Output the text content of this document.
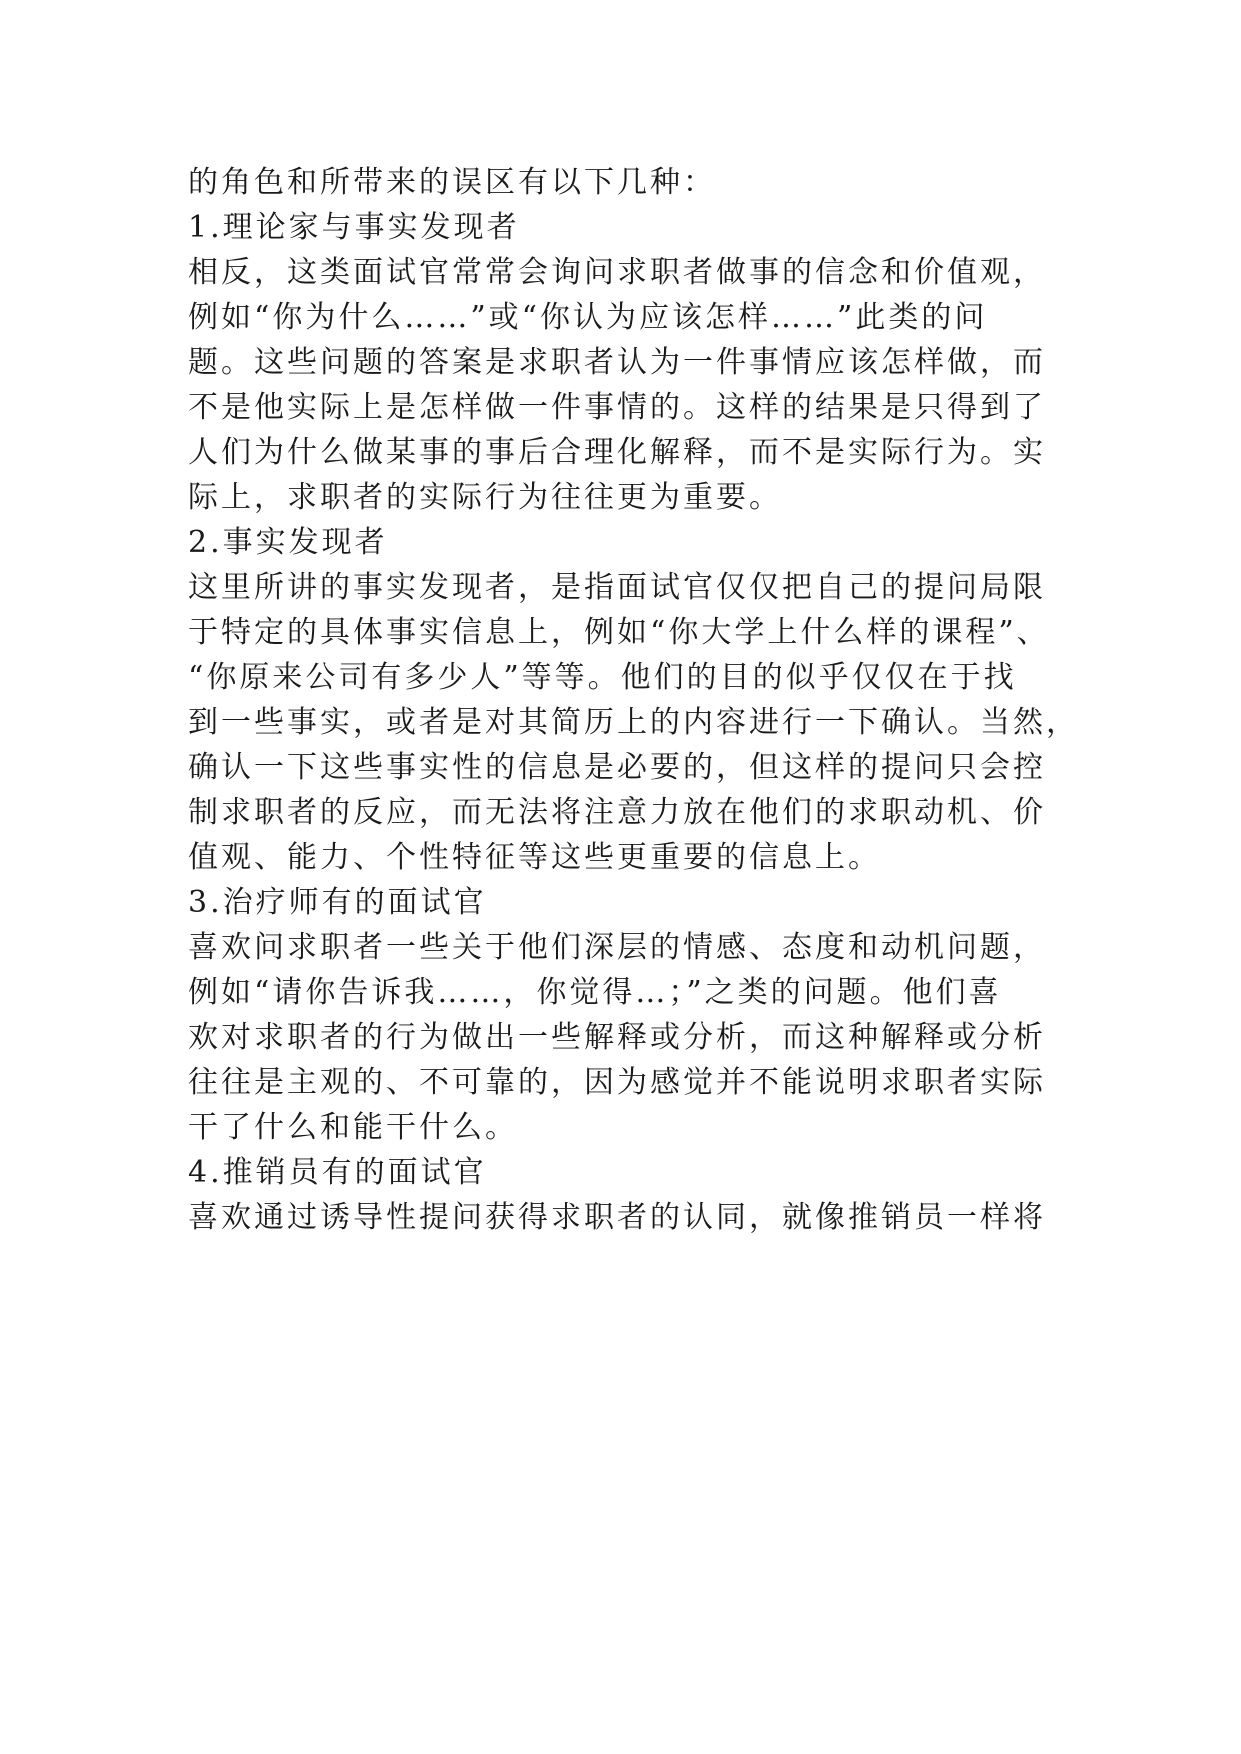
的角色和所带来的误区有以下几种：

1.理论家与事实发现者

相反，这类面试官常常会询问求职者做事的信念和价值观，

例如“你为什么……”或“你认为应该怎样……”此类的问

题。这些问题的答案是求职者认为一件事情应该怎样做，而

不是他实际上是怎样做一件事情的。这样的结果是只得到了

人们为什么做某事的事后合理化解释，而不是实际行为。实

际上，求职者的实际行为往往更为重要。

2.事实发现者

这里所讲的事实发现者，是指面试官仅仅把自己的提问局限

于特定的具体事实信息上，例如“你大学上什么样的课程”、

“你原来公司有多少人”等等。他们的目的似乎仅仅在于找

到一些事实，或者是对其简历上的内容进行一下确认。当然，

确认一下这些事实性的信息是必要的，但这样的提问只会控

制求职者的反应，而无法将注意力放在他们的求职动机、价

值观、能力、个性特征等这些更重要的信息上。

3.治疗师有的面试官

喜欢问求职者一些关于他们深层的情感、态度和动机问题，

例如“请你告诉我……，你觉得…；”之类的问题。他们喜

欢对求职者的行为做出一些解释或分析，而这种解释或分析

往往是主观的、不可靠的，因为感觉并不能说明求职者实际

干了什么和能干什么。

4.推销员有的面试官

喜欢通过诱导性提问获得求职者的认同，就像推销员一样将
